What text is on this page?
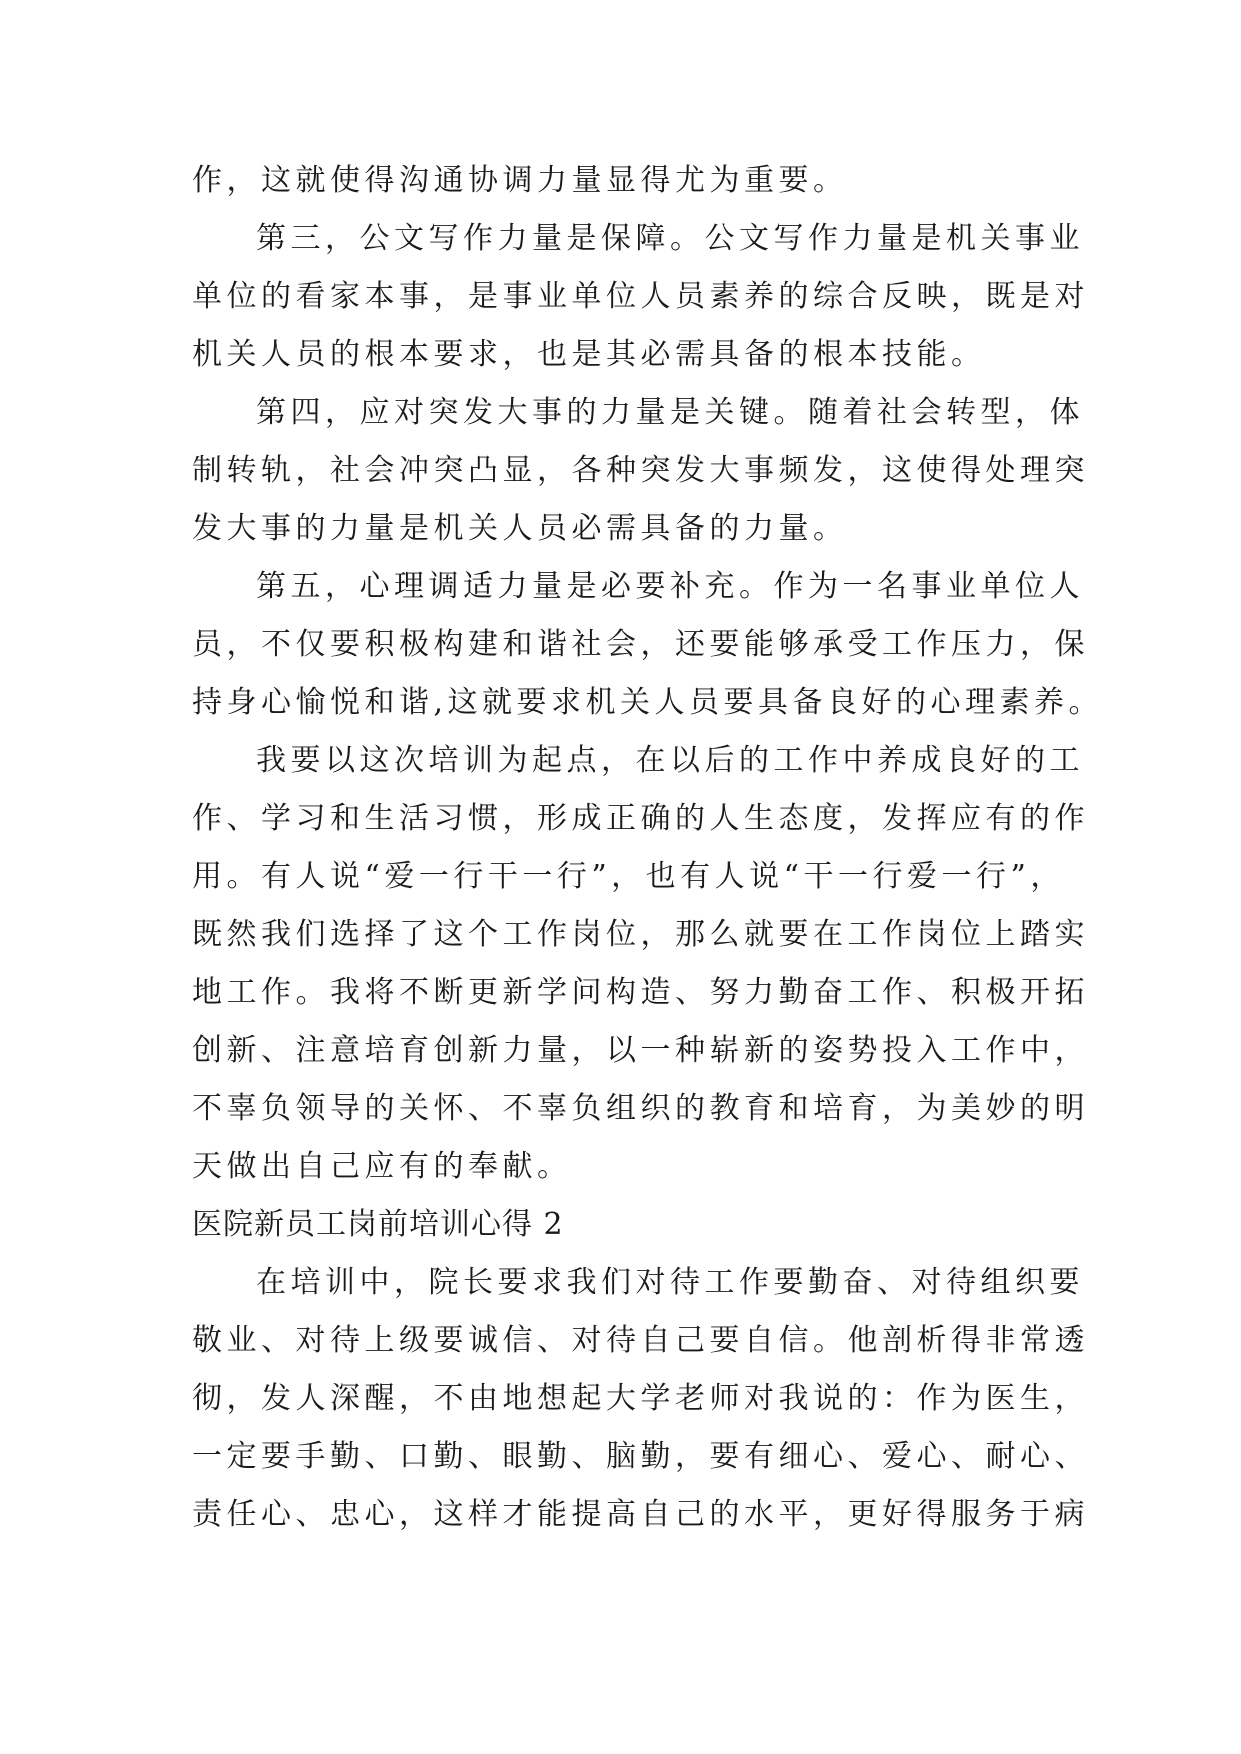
作，这就使得沟通协调力量显得尤为重要。
第三，公文写作力量是保障。公文写作力量是机关事业
单位的看家本事，是事业单位人员素养的综合反映，既是对
机关人员的根本要求，也是其必需具备的根本技能。
第四，应对突发大事的力量是关键。随着社会转型，体
制转轨，社会冲突凸显，各种突发大事频发，这使得处理突
发大事的力量是机关人员必需具备的力量。
第五，心理调适力量是必要补充。作为一名事业单位人
员，不仅要积极构建和谐社会，还要能够承受工作压力，保
持身心愉悦和谐,这就要求机关人员要具备良好的心理素养。
我要以这次培训为起点，在以后的工作中养成良好的工
作、学习和生活习惯，形成正确的人生态度，发挥应有的作
用。有人说“爱一行干一行”，也有人说“干一行爱一行”，
既然我们选择了这个工作岗位，那么就要在工作岗位上踏实
地工作。我将不断更新学问构造、努力勤奋工作、积极开拓
创新、注意培育创新力量，以一种崭新的姿势投入工作中，
不辜负领导的关怀、不辜负组织的教育和培育，为美妙的明
天做出自己应有的奉献。
医院新员工岗前培训心得 2
在培训中，院长要求我们对待工作要勤奋、对待组织要
敬业、对待上级要诚信、对待自己要自信。他剖析得非常透
彻，发人深醒，不由地想起大学老师对我说的：作为医生，
一定要手勤、口勤、眼勤、脑勤，要有细心、爱心、耐心、
责任心、忠心，这样才能提高自己的水平，更好得服务于病
